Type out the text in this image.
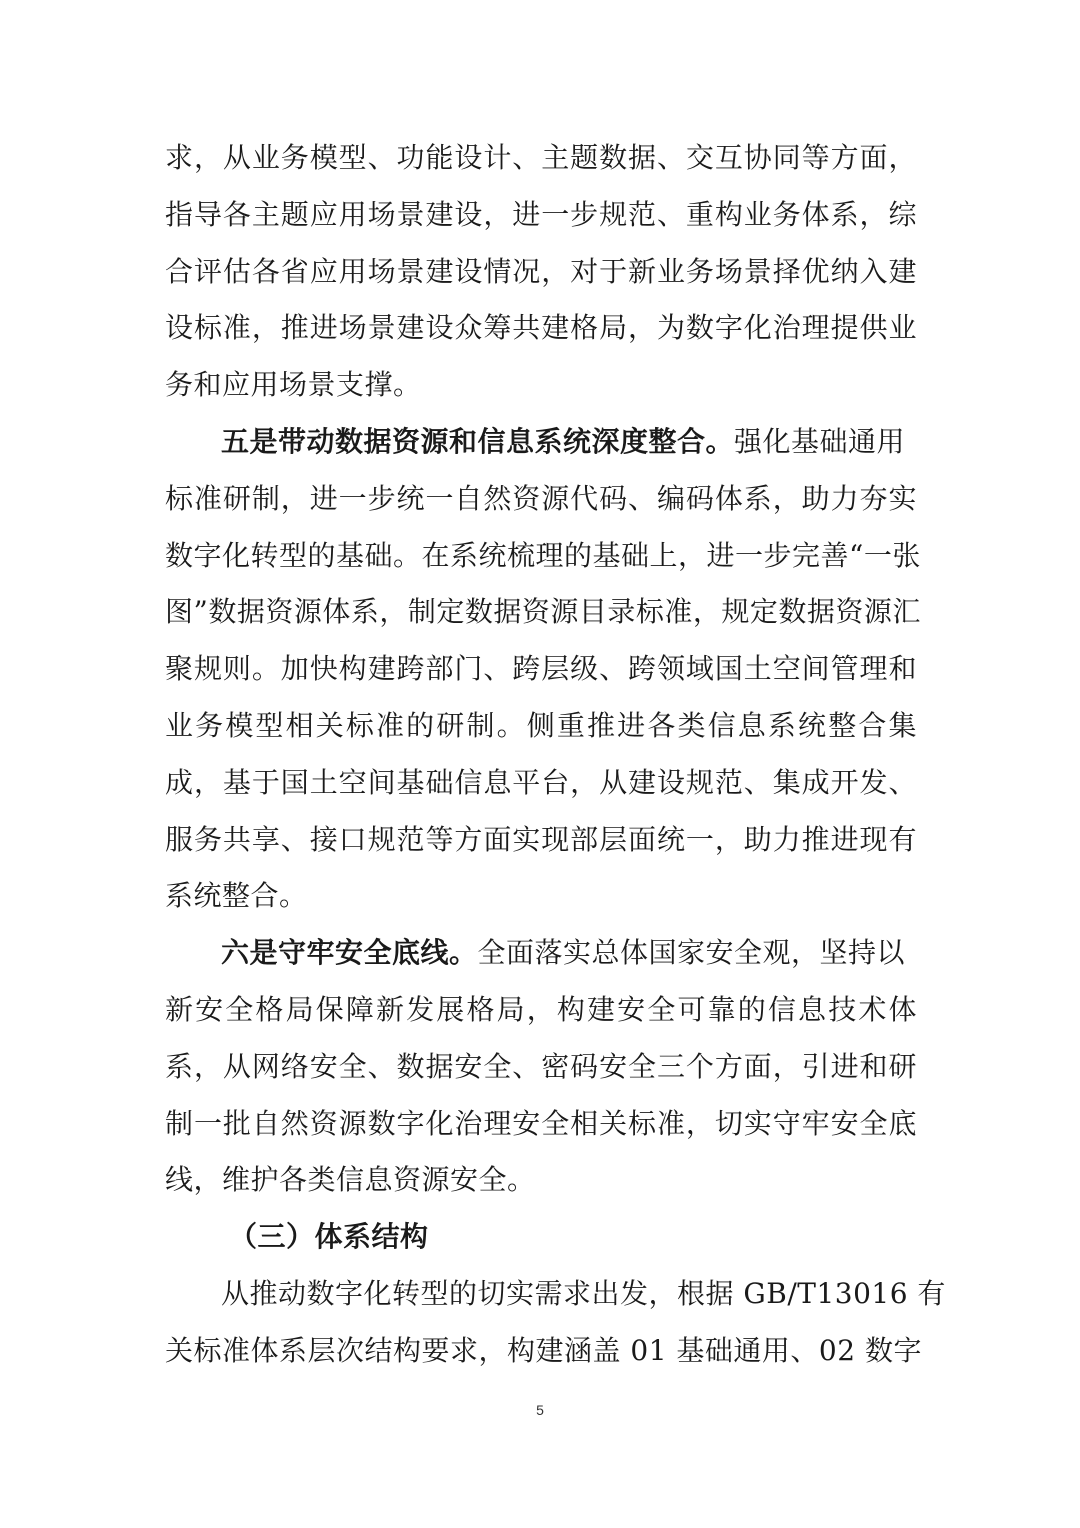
求，从业务模型、功能设计、主题数据、交互协同等方面，
指导各主题应用场景建设，进一步规范、重构业务体系，综
合评估各省应用场景建设情况，对于新业务场景择优纳入建
设标准，推进场景建设众筹共建格局，为数字化治理提供业
务和应用场景支撑。
五是带动数据资源和信息系统深度整合。强化基础通用
标准研制，进一步统一自然资源代码、编码体系，助力夯实
数字化转型的基础。在系统梳理的基础上，进一步完善“一张
图”数据资源体系，制定数据资源目录标准，规定数据资源汇
聚规则。加快构建跨部门、跨层级、跨领域国土空间管理和
业务模型相关标准的研制。侧重推进各类信息系统整合集
成，基于国土空间基础信息平台，从建设规范、集成开发、
服务共享、接口规范等方面实现部层面统一，助力推进现有
系统整合。
六是守牢安全底线。全面落实总体国家安全观，坚持以
新安全格局保障新发展格局，构建安全可靠的信息技术体
系，从网络安全、数据安全、密码安全三个方面，引进和研
制一批自然资源数字化治理安全相关标准，切实守牢安全底
线，维护各类信息资源安全。
（三）体系结构
从推动数字化转型的切实需求出发，根据 GB/T13016 有
关标准体系层次结构要求，构建涵盖 01 基础通用、02 数字
5
